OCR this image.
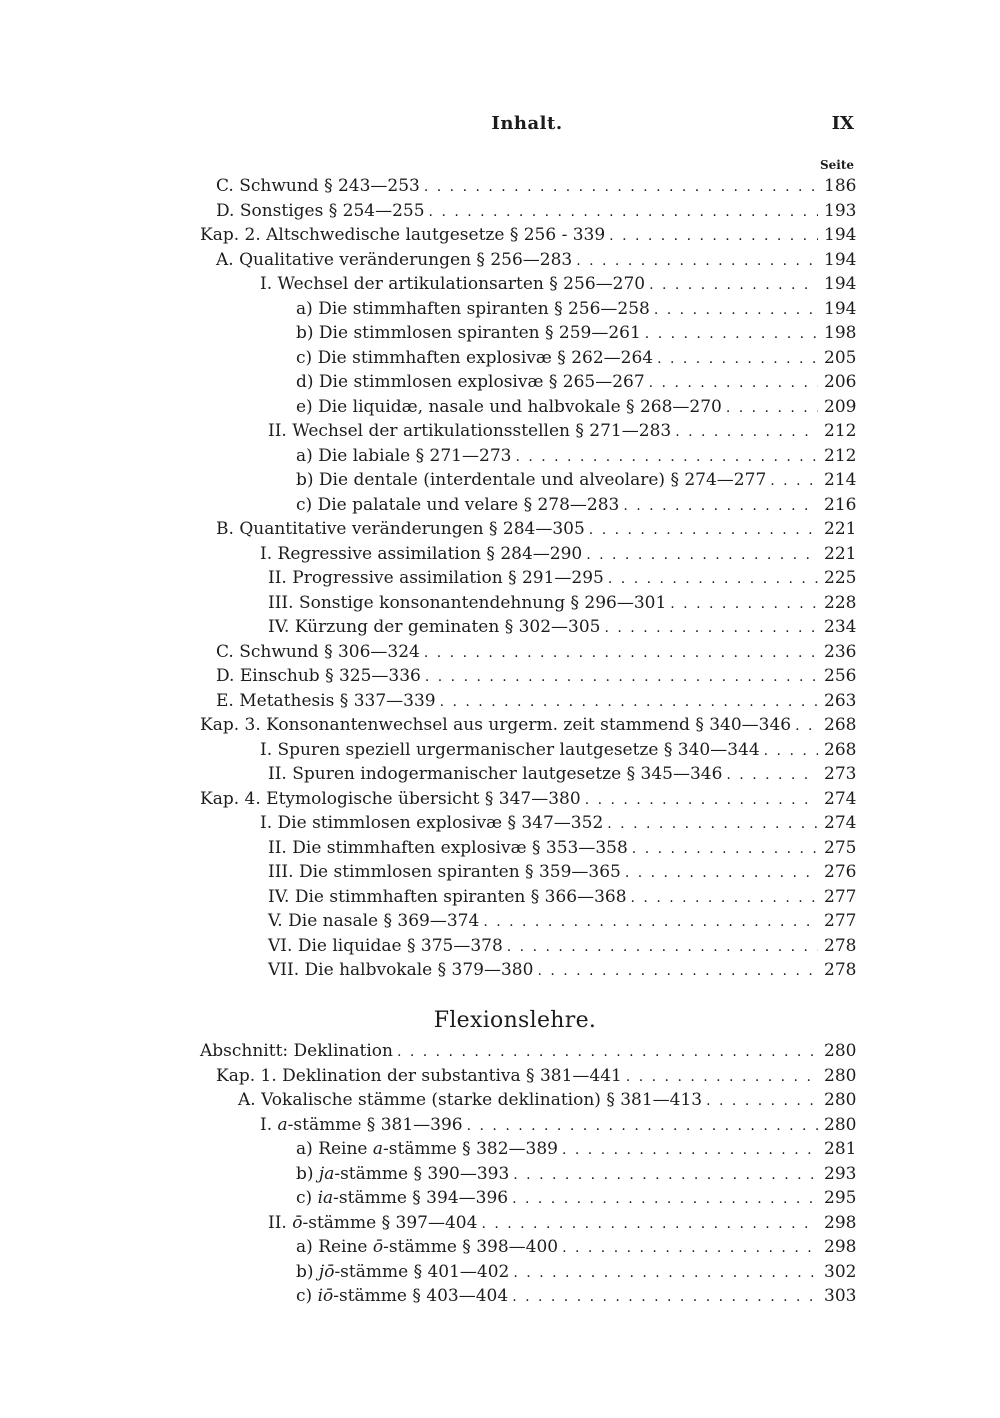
Inhalt.	IX
Seite
C. Schwund § 243—253 . . .	186
D. Sonstiges § 254—255 . . .	193
Kap. 2. Altschwedische lautgesetze § 256 - 339 . . .	194
A. Qualitative veränderungen § 256—283 . . .	194
I. Wechsel der artikulationsarten § 256—270 . . .	194
a) Die stimmhaften spiranten § 256—258 . . .	194
b) Die stimmlosen spiranten § 259—261 . . .	198
c) Die stimmhaften explosivæ § 262—264 . . .	205
d) Die stimmlosen explosivæ § 265—267 . . .	206
e) Die liquidæ, nasale und halbvokale § 268—270 . . .	209
II. Wechsel der artikulationsstellen § 271—283 . . .	212
a) Die labiale § 271—273 . . .	212
b) Die dentale (interdentale und alveolare) § 274—277 . . .	214
c) Die palatale und velare § 278—283 . . .	216
B. Quantitative veränderungen § 284—305 . . .	221
I. Regressive assimilation § 284—290 . . .	221
II. Progressive assimilation § 291—295 . . .	225
III. Sonstige konsonantendehnung § 296—301 . . .	228
IV. Kürzung der geminaten § 302—305 . . .	234
C. Schwund § 306—324 . . .	236
D. Einschub § 325—336 . . .	256
E. Metathesis § 337—339 . . .	263
Kap. 3. Konsonantenwechsel aus urgerm. zeit stammend § 340—346 . . . 268
I. Spuren speziell urgermanischer lautgesetze § 340—344 . . .	268
II. Spuren indogermanischer lautgesetze § 345—346 . . .	273
Kap. 4. Etymologische übersicht § 347—380 . . .	274
I. Die stimmlosen explosivæ § 347—352 . . .	274
II. Die stimmhaften explosivæ § 353—358 . . .	275
III. Die stimmlosen spiranten § 359—365 . . .	276
IV. Die stimmhaften spiranten § 366—368 . . .	277
V. Die nasale § 369—374 . . .	277
VI. Die liquidae § 375—378 . . .	278
VII. Die halbvokale § 379—380 . . .	278
Flexionslehre.
Abschnitt: Deklination . . .	280
Kap. 1. Deklination der substantiva § 381—441 . . .	280
A. Vokalische stämme (starke deklination) § 381—413 . . .	280
I. a-stämme § 381—396 . . .	280
a) Reine a-stämme § 382—389 . . .	281
b) ja-stämme § 390—393 . . .	293
c) ia-stämme § 394—396 . . .	295
II. ō-stämme § 397—404 . . .	298
a) Reine ō-stämme § 398—400 . . .	298
b) jō-stämme § 401—402 . . .	302
c) iō-stämme § 403—404 . . .	303
